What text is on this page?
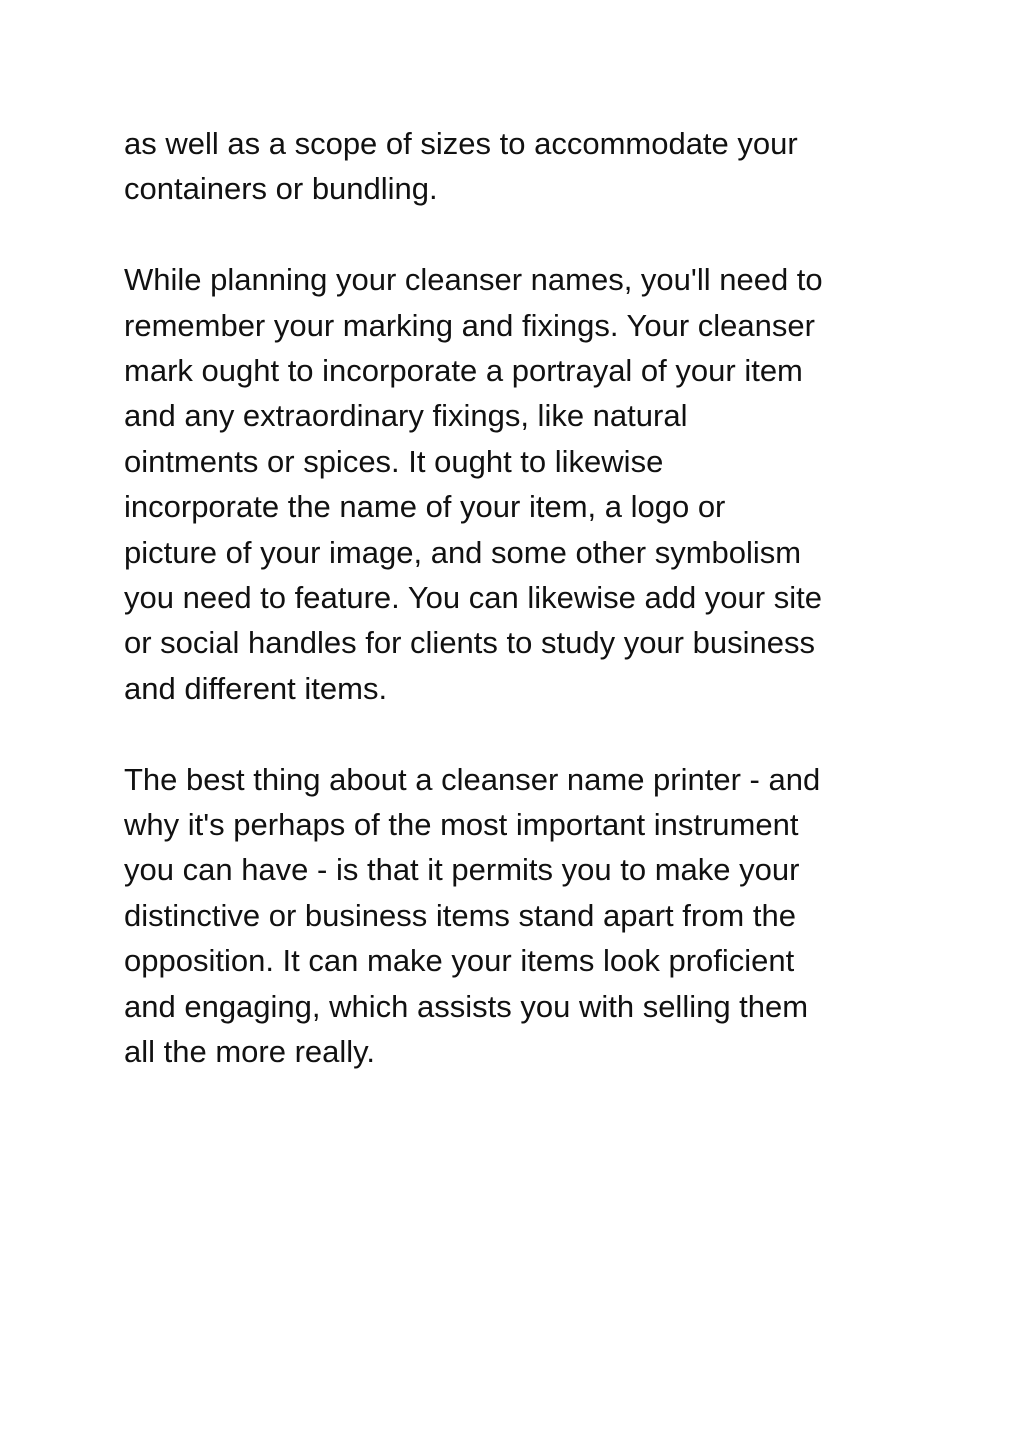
as well as a scope of sizes to accommodate your
containers or bundling.

While planning your cleanser names, you'll need to
remember your marking and fixings. Your cleanser
mark ought to incorporate a portrayal of your item
and any extraordinary fixings, like natural
ointments or spices. It ought to likewise
incorporate the name of your item, a logo or
picture of your image, and some other symbolism
you need to feature. You can likewise add your site
or social handles for clients to study your business
and different items.

The best thing about a cleanser name printer - and
why it's perhaps of the most important instrument
you can have - is that it permits you to make your
distinctive or business items stand apart from the
opposition. It can make your items look proficient
and engaging, which assists you with selling them
all the more really.
